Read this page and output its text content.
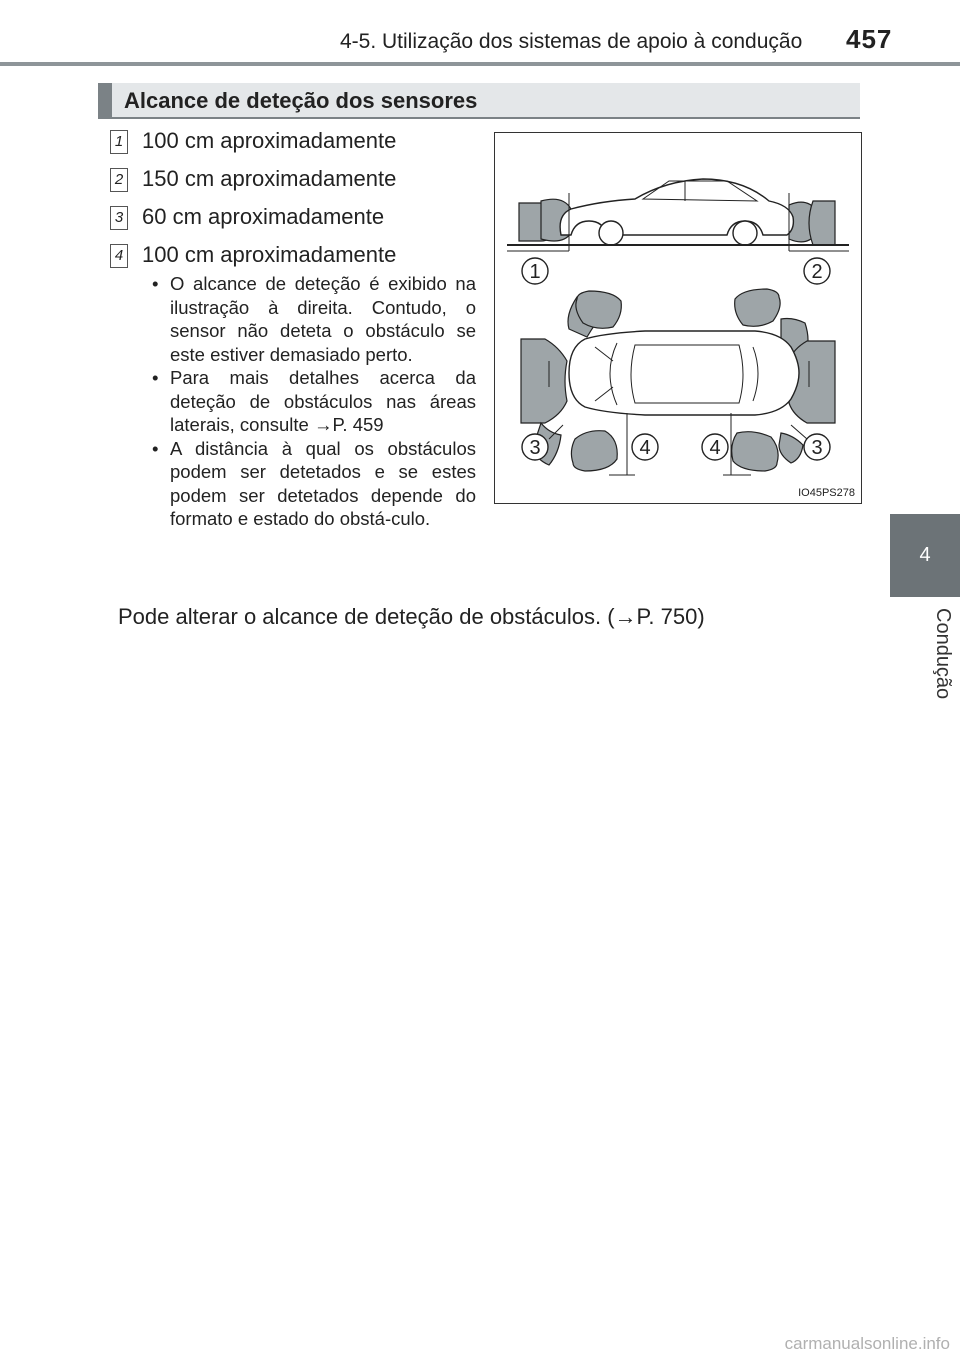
4-5. Utilização dos sistemas de apoio à condução 457
4
Condução
Alcance de deteção dos sensores
1 100 cm aproximadamente
2 150 cm aproximadamente
3 60 cm aproximadamente
4 100 cm aproximadamente
• O alcance de deteção é exibido na ilustração à direita. Contudo, o sensor não deteta o obstáculo se este estiver demasiado perto.
• Para mais detalhes acerca da deteção de obstáculos nas áreas laterais, consulte →P. 459
• A distância à qual os obstáculos podem ser detetados e se estes podem ser detetados depende do formato e estado do obstá-culo.
Pode alterar o alcance de deteção de obstáculos. (→P. 750)
1	2
3	4	4	3
IO45PS278
carmanualsonline.info
